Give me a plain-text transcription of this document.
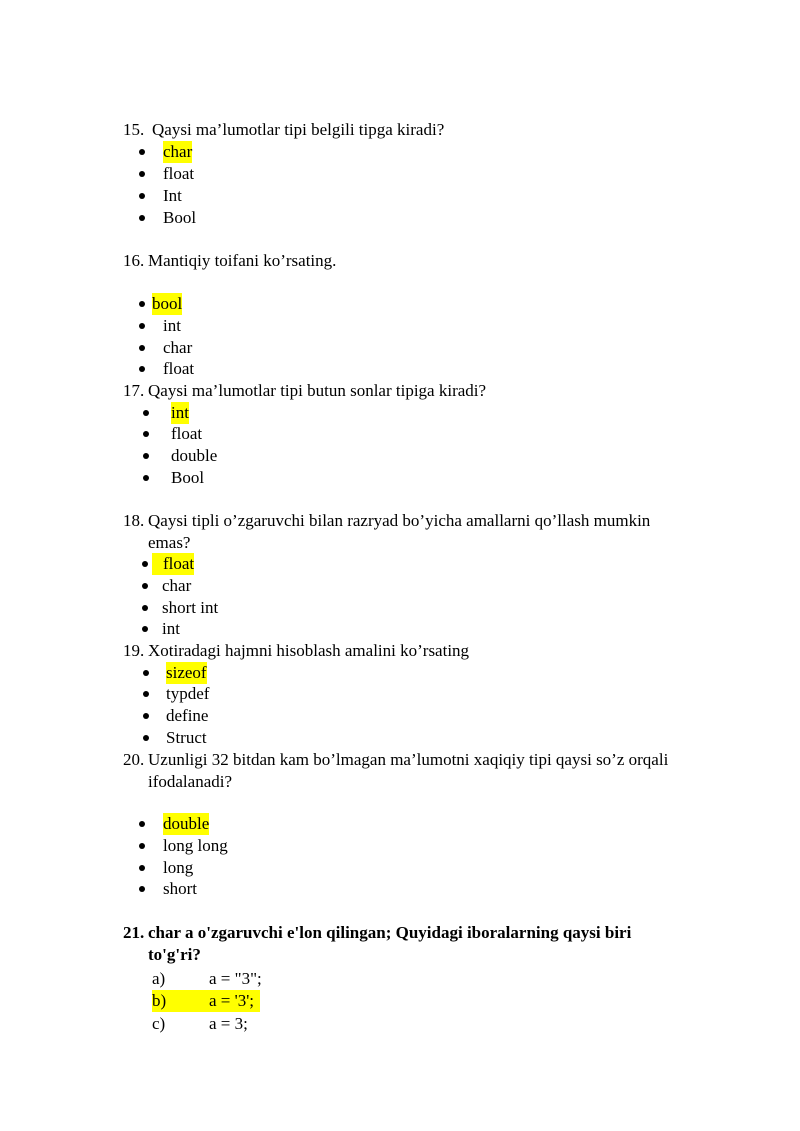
15. Qaysi ma’lumotlar tipi belgili tipga kiradi?
char
float
Int
Bool
16. Mantiqiy toifani ko’rsating.
bool
int
char
float
17. Qaysi ma’lumotlar tipi butun sonlar tipiga kiradi?
int
float
double
Bool
18. Qaysi tipli o’zgaruvchi bilan razryad bo’yicha amallarni qo’llash mumkin
emas?
float
char
short int
int
19. Xotiradagi hajmni hisoblash amalini ko’rsating
sizeof
typdef
define
Struct
20. Uzunligi 32 bitdan kam bo’lmagan ma’lumotni xaqiqiy tipi qaysi so’z orqali
ifodalanadi?
double
long long
long
short
21. char a o'zgaruvchi e'lon qilingan; Quyidagi iboralarning qaysi biri
to'g'ri?
a)	a = "3";
b)	a = '3';
c)	a = 3;
